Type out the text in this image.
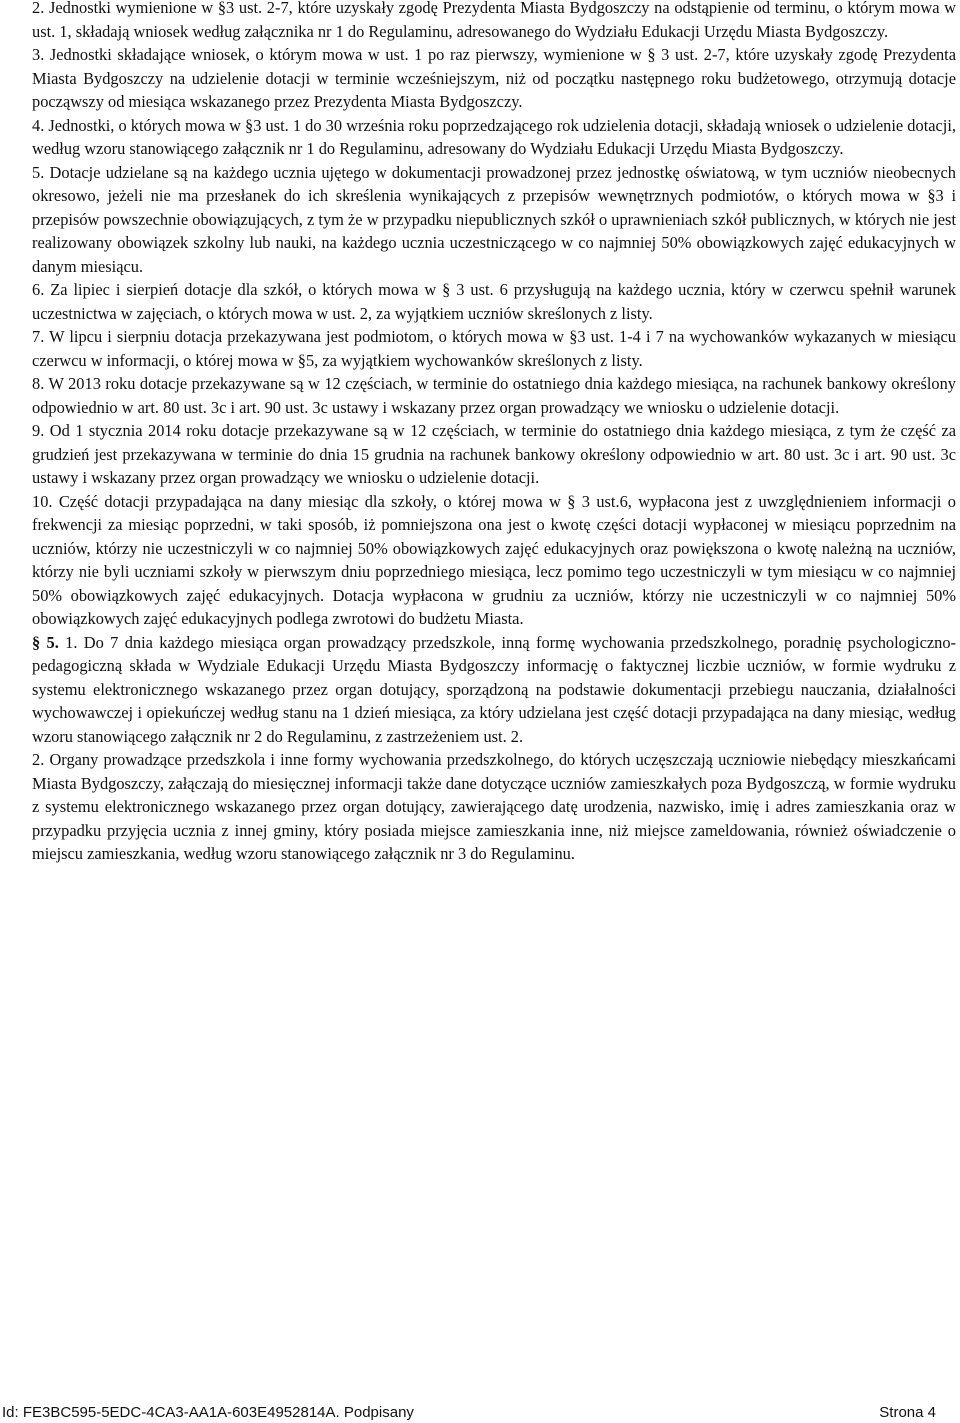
2. Jednostki wymienione w §3 ust. 2-7, które uzyskały zgodę Prezydenta Miasta Bydgoszczy na odstąpienie od terminu, o którym mowa w ust. 1, składają wniosek według załącznika nr 1 do Regulaminu, adresowanego do Wydziału Edukacji Urzędu Miasta Bydgoszczy.

3. Jednostki składające wniosek, o którym mowa w ust. 1 po raz pierwszy, wymienione w § 3 ust. 2-7, które uzyskały zgodę Prezydenta Miasta Bydgoszczy na udzielenie dotacji w terminie wcześniejszym, niż od początku następnego roku budżetowego, otrzymują dotacje począwszy od miesiąca wskazanego przez Prezydenta Miasta Bydgoszczy.

4. Jednostki, o których mowa w §3 ust. 1 do 30 września roku poprzedzającego rok udzielenia dotacji, składają wniosek o udzielenie dotacji, według wzoru stanowiącego załącznik nr 1 do Regulaminu, adresowany do Wydziału Edukacji Urzędu Miasta Bydgoszczy.

5. Dotacje udzielane są na każdego ucznia ujętego w dokumentacji prowadzonej przez jednostkę oświatową, w tym uczniów nieobecnych okresowo, jeżeli nie ma przesłanek do ich skreślenia wynikających z przepisów wewnętrznych podmiotów, o których mowa w §3 i przepisów powszechnie obowiązujących, z tym że w przypadku niepublicznych szkół o uprawnieniach szkół publicznych, w których nie jest realizowany obowiązek szkolny lub nauki, na każdego ucznia uczestniczącego w co najmniej 50% obowiązkowych zajęć edukacyjnych w danym miesiącu.

6. Za lipiec i sierpień dotacje dla szkół, o których mowa w § 3 ust. 6 przysługują na każdego ucznia, który w czerwcu spełnił warunek uczestnictwa w zajęciach, o których mowa w ust. 2, za wyjątkiem uczniów skreślonych z listy.

7. W lipcu i sierpniu dotacja przekazywana jest podmiotom, o których mowa w §3 ust. 1-4 i 7 na wychowanków wykazanych w miesiącu czerwcu w informacji, o której mowa w §5, za wyjątkiem wychowanków skreślonych z listy.

8. W 2013 roku dotacje przekazywane są w 12 częściach, w terminie do ostatniego dnia każdego miesiąca, na rachunek bankowy określony odpowiednio w art. 80 ust. 3c i art. 90 ust. 3c ustawy i wskazany przez organ prowadzący we wniosku o udzielenie dotacji.

9. Od 1 stycznia 2014 roku dotacje przekazywane są w 12 częściach, w terminie do ostatniego dnia każdego miesiąca, z tym że część za grudzień jest przekazywana w terminie do dnia 15 grudnia na rachunek bankowy określony odpowiednio w art. 80 ust. 3c i art. 90 ust. 3c ustawy i wskazany przez organ prowadzący we wniosku o udzielenie dotacji.

10. Część dotacji przypadająca na dany miesiąc dla szkoły, o której mowa w § 3 ust.6, wypłacona jest z uwzględnieniem informacji o frekwencji za miesiąc poprzedni, w taki sposób, iż pomniejszona ona jest o kwotę części dotacji wypłaconej w miesiącu poprzednim na uczniów, którzy nie uczestniczyli w co najmniej 50% obowiązkowych zajęć edukacyjnych oraz powiększona o kwotę należną na uczniów, którzy nie byli uczniami szkoły w pierwszym dniu poprzedniego miesiąca, lecz pomimo tego uczestniczyli w tym miesiącu w co najmniej 50% obowiązkowych zajęć edukacyjnych. Dotacja wypłacona w grudniu za uczniów, którzy nie uczestniczyli w co najmniej 50% obowiązkowych zajęć edukacyjnych podlega zwrotowi do budżetu Miasta.

§ 5. 1. Do 7 dnia każdego miesiąca organ prowadzący przedszkole, inną formę wychowania przedszkolnego, poradnię psychologiczno-pedagogiczną składa w Wydziale Edukacji Urzędu Miasta Bydgoszczy informację o faktycznej liczbie uczniów, w formie wydruku z systemu elektronicznego wskazanego przez organ dotujący, sporządzoną na podstawie dokumentacji przebiegu nauczania, działalności wychowawczej i opiekuńczej według stanu na 1 dzień miesiąca, za który udzielana jest część dotacji przypadająca na dany miesiąc, według wzoru stanowiącego załącznik nr 2 do Regulaminu, z zastrzeżeniem ust. 2.

2. Organy prowadzące przedszkola i inne formy wychowania przedszkolnego, do których uczęszczają uczniowie niebędący mieszkańcami Miasta Bydgoszczy, załączają do miesięcznej informacji także dane dotyczące uczniów zamieszkałych poza Bydgoszczą, w formie wydruku z systemu elektronicznego wskazanego przez organ dotujący, zawierającego datę urodzenia, nazwisko, imię i adres zamieszkania oraz w przypadku przyjęcia ucznia z innej gminy, który posiada miejsce zamieszkania inne, niż miejsce zameldowania, również oświadczenie o miejscu zamieszkania, według wzoru stanowiącego załącznik nr 3 do Regulaminu.

Id: FE3BC595-5EDC-4CA3-AA1A-603E4952814A. Podpisany	Strona 4
